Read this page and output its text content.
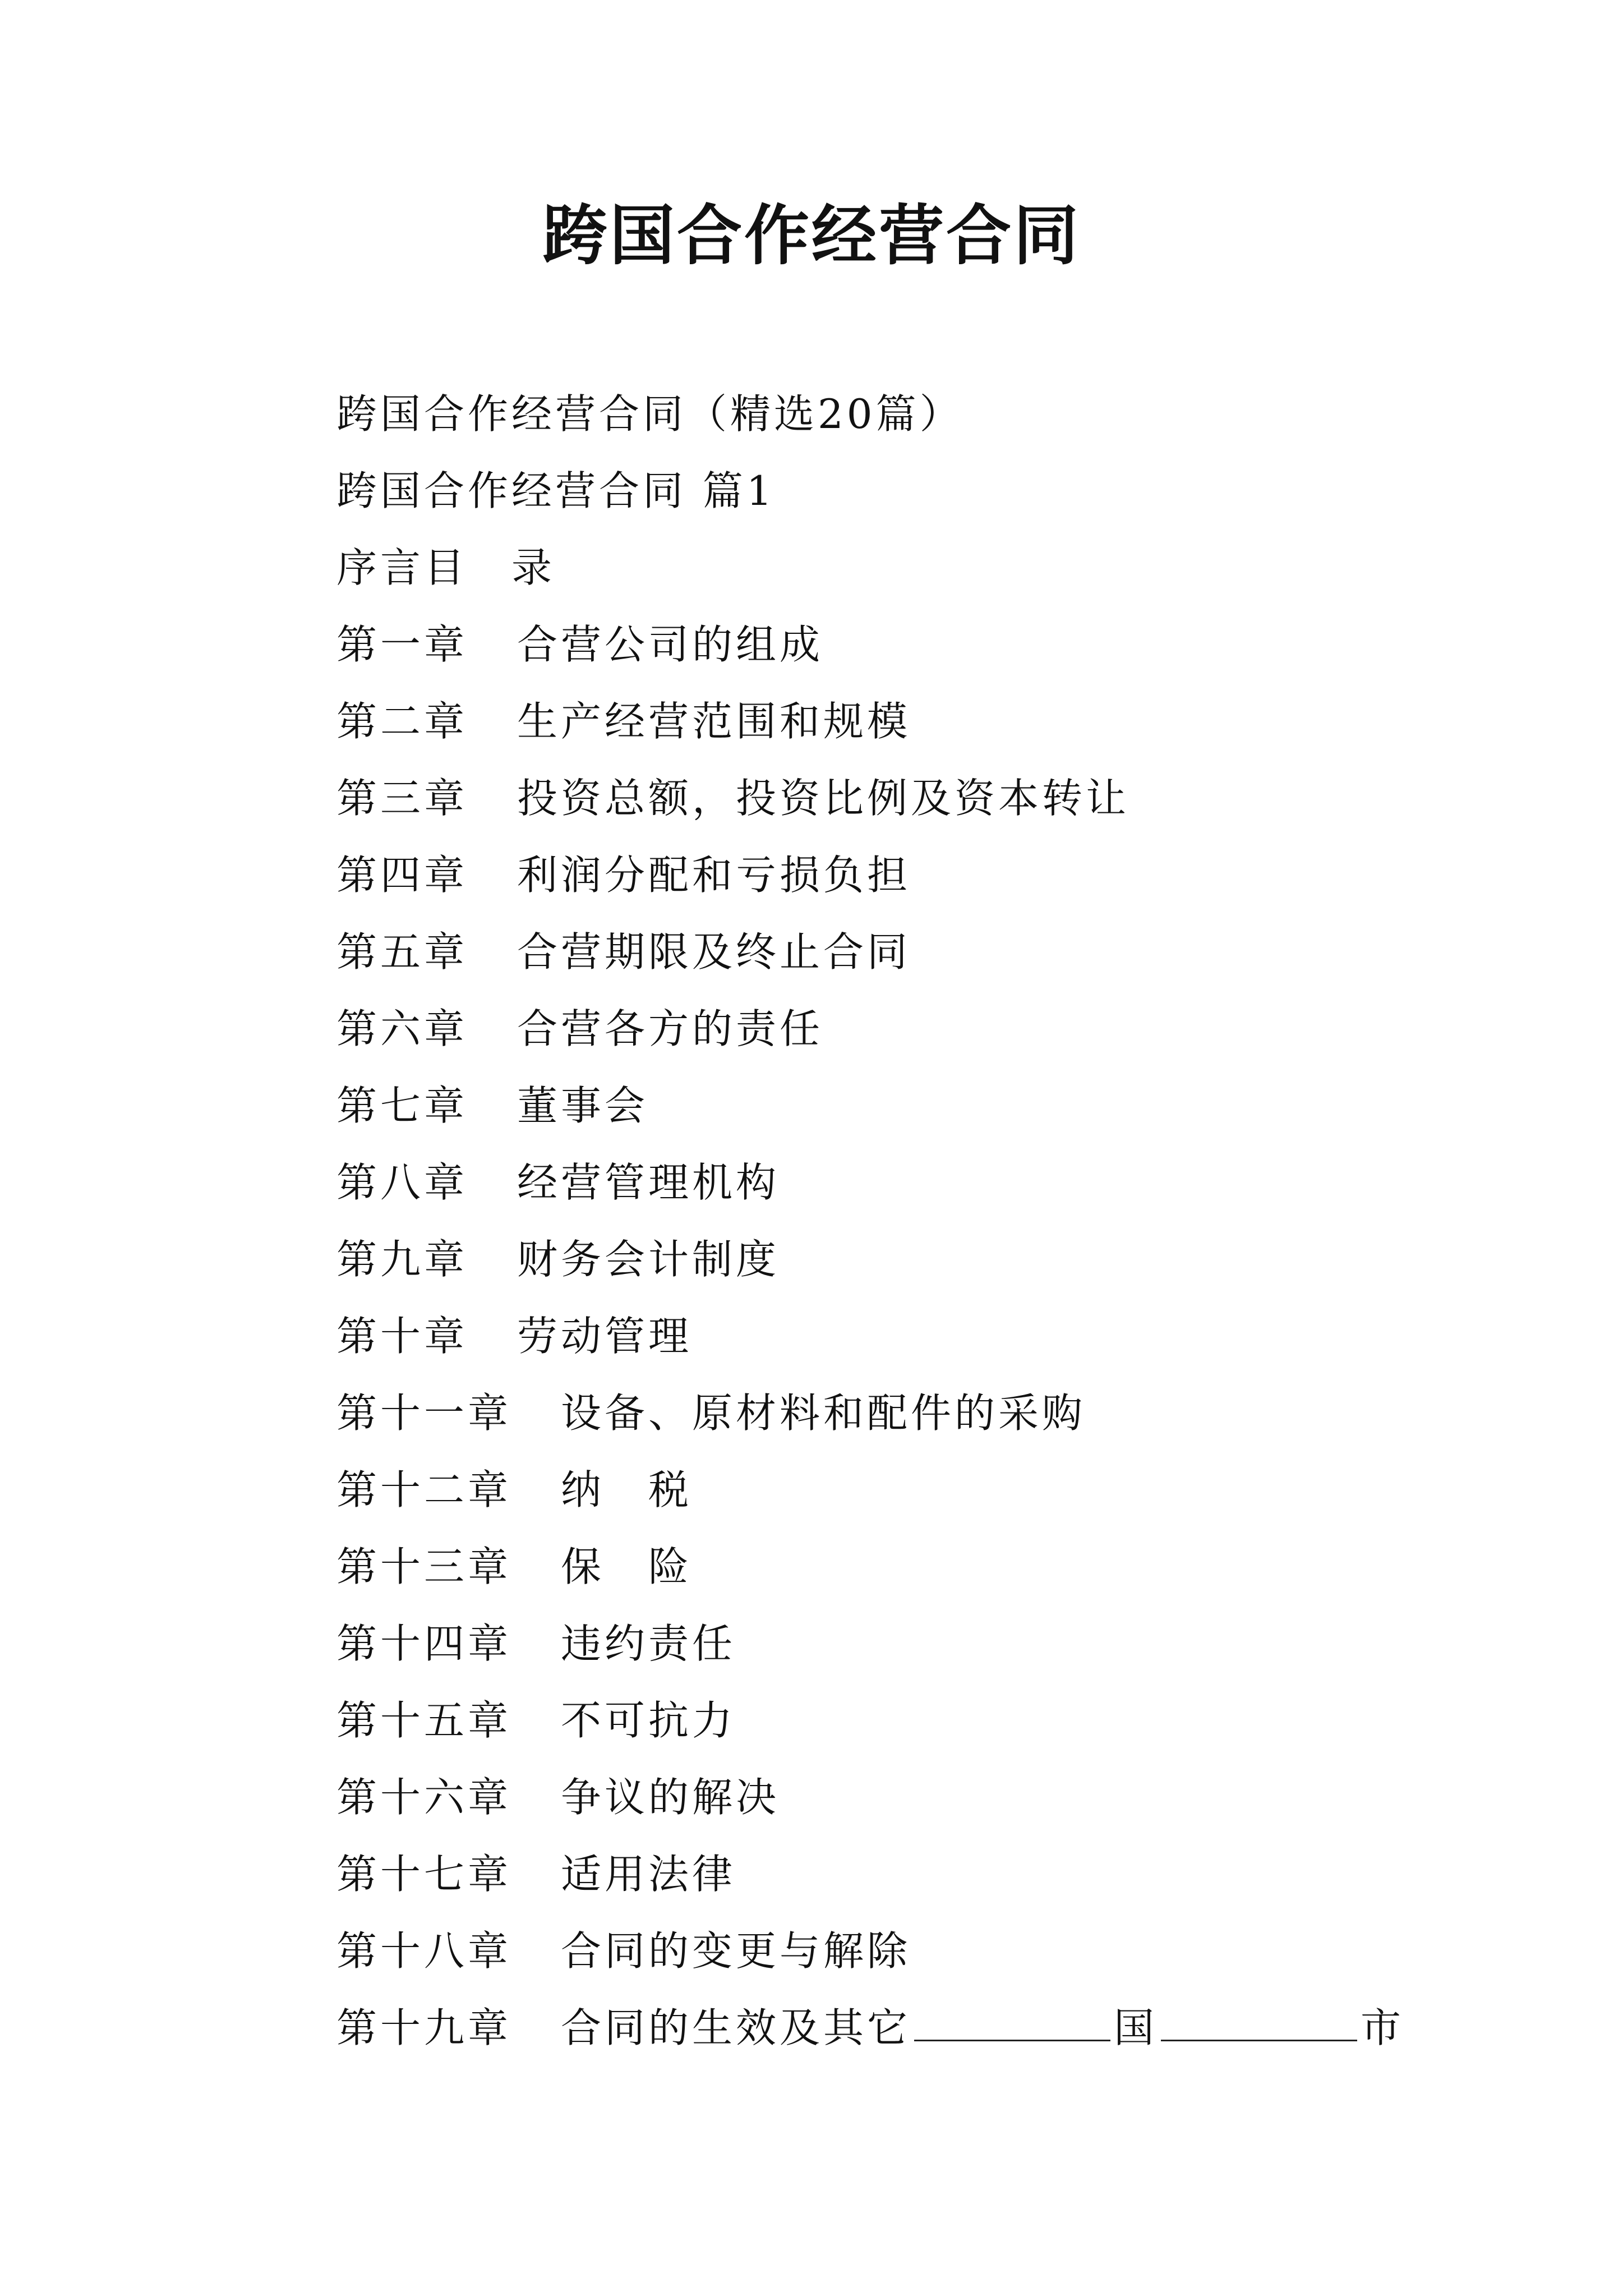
跨国合作经营合同
跨国合作经营合同（精选20篇）
跨国合作经营合同 篇1
序言目　录
第一章 合营公司的组成
第二章 生产经营范围和规模
第三章 投资总额，投资比例及资本转让
第四章 利润分配和亏损负担
第五章 合营期限及终止合同
第六章 合营各方的责任
第七章 董事会
第八章 经营管理机构
第九章 财务会计制度
第十章 劳动管理
第十一章 设备、原材料和配件的采购
第十二章 纳　税
第十三章 保　险
第十四章 违约责任
第十五章 不可抗力
第十六章 争议的解决
第十七章 适用法律
第十八章 合同的变更与解除
第十九章 合同的生效及其它	国	市
